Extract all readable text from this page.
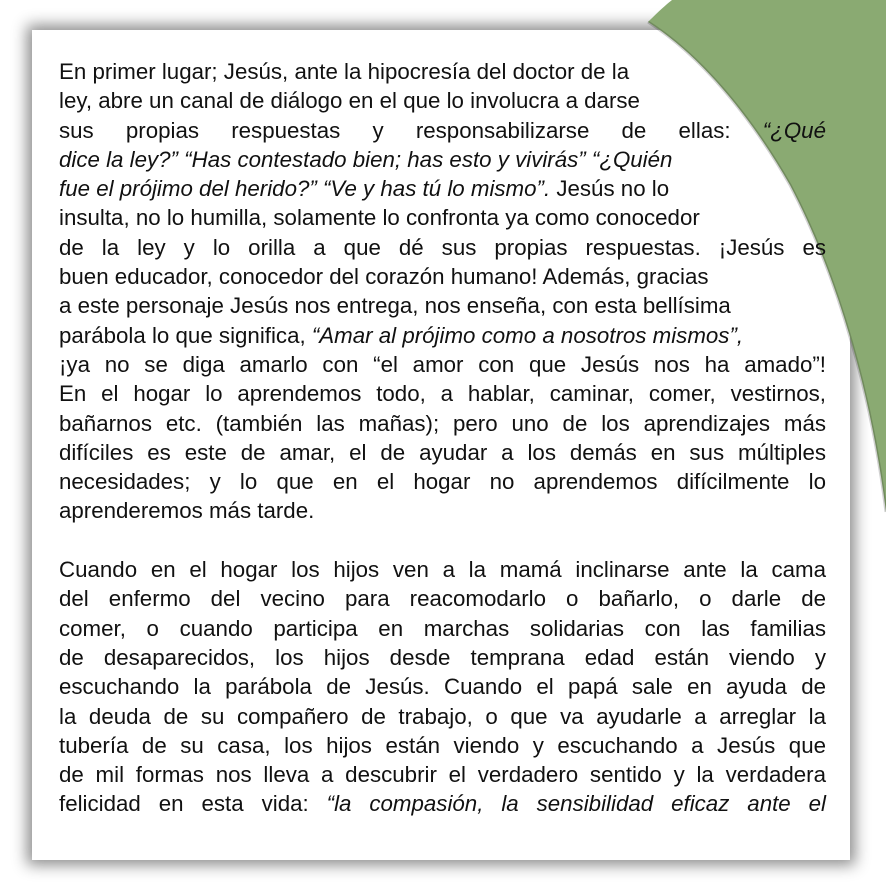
En primer lugar; Jesús, ante la hipocresía del doctor de la
ley, abre un canal de diálogo en el que lo involucra a darse
sus propias respuestas y responsabilizarse de ellas: “¿Qué
dice la ley?” “Has contestado bien; has esto y vivirás” “¿Quién
fue el prójimo del herido?” “Ve y has tú lo mismo”. Jesús no lo
insulta, no lo humilla, solamente lo confronta ya como conocedor
de la ley y lo orilla a que dé sus propias respuestas. ¡Jesús es
buen educador, conocedor del corazón humano! Además, gracias
a este personaje Jesús nos entrega, nos enseña, con esta bellísima
parábola lo que significa, “Amar al prójimo como a nosotros mismos”,
¡ya no se diga amarlo con “el amor con que Jesús nos ha amado”!
En el hogar lo aprendemos todo, a hablar, caminar, comer, vestirnos,
bañarnos etc. (también las mañas); pero uno de los aprendizajes más
difíciles es este de amar, el de ayudar a los demás en sus múltiples
necesidades; y lo que en el hogar no aprendemos difícilmente lo
aprenderemos más tarde.
Cuando en el hogar los hijos ven a la mamá inclinarse ante la cama
del enfermo del vecino para reacomodarlo o bañarlo, o darle de
comer, o cuando participa en marchas solidarias con las familias
de desaparecidos, los hijos desde temprana edad están viendo y
escuchando la parábola de Jesús. Cuando el papá sale en ayuda de
la deuda de su compañero de trabajo, o que va ayudarle a arreglar la
tubería de su casa, los hijos están viendo y escuchando a Jesús que
de mil formas nos lleva a descubrir el verdadero sentido y la verdadera
felicidad en esta vida: “la compasión, la sensibilidad eficaz ante el
